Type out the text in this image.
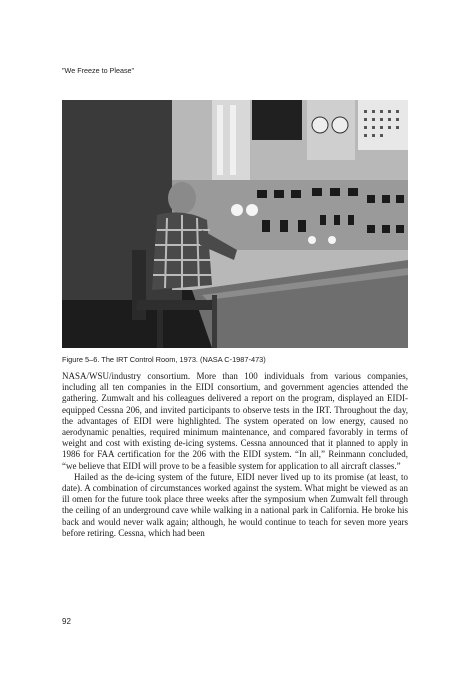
"We Freeze to Please"
Figure 5–6. The IRT Control Room, 1973. (NASA C-1987-473)

NASA/WSU/industry consortium. More than 100 individuals from various companies, including all ten companies in the EIDI consortium, and government agencies attended the gathering. Zumwalt and his colleagues delivered a report on the program, displayed an EIDI-equipped Cessna 206, and invited participants to observe tests in the IRT. Throughout the day, the advantages of EIDI were highlighted. The system operated on low energy, caused no aerodynamic penalties, required minimum maintenance, and compared favorably in terms of weight and cost with existing de-icing systems. Cessna announced that it planned to apply in 1986 for FAA certification for the 206 with the EIDI system. “In all,” Reinmann concluded, “we believe that EIDI will prove to be a feasible system for application to all aircraft classes.”

Hailed as the de-icing system of the future, EIDI never lived up to its promise (at least, to date). A combination of circumstances worked against the system. What might be viewed as an ill omen for the future took place three weeks after the symposium when Zumwalt fell through the ceiling of an underground cave while walking in a national park in California. He broke his back and would never walk again; although, he would continue to teach for seven more years before retiring. Cessna, which had been

92
